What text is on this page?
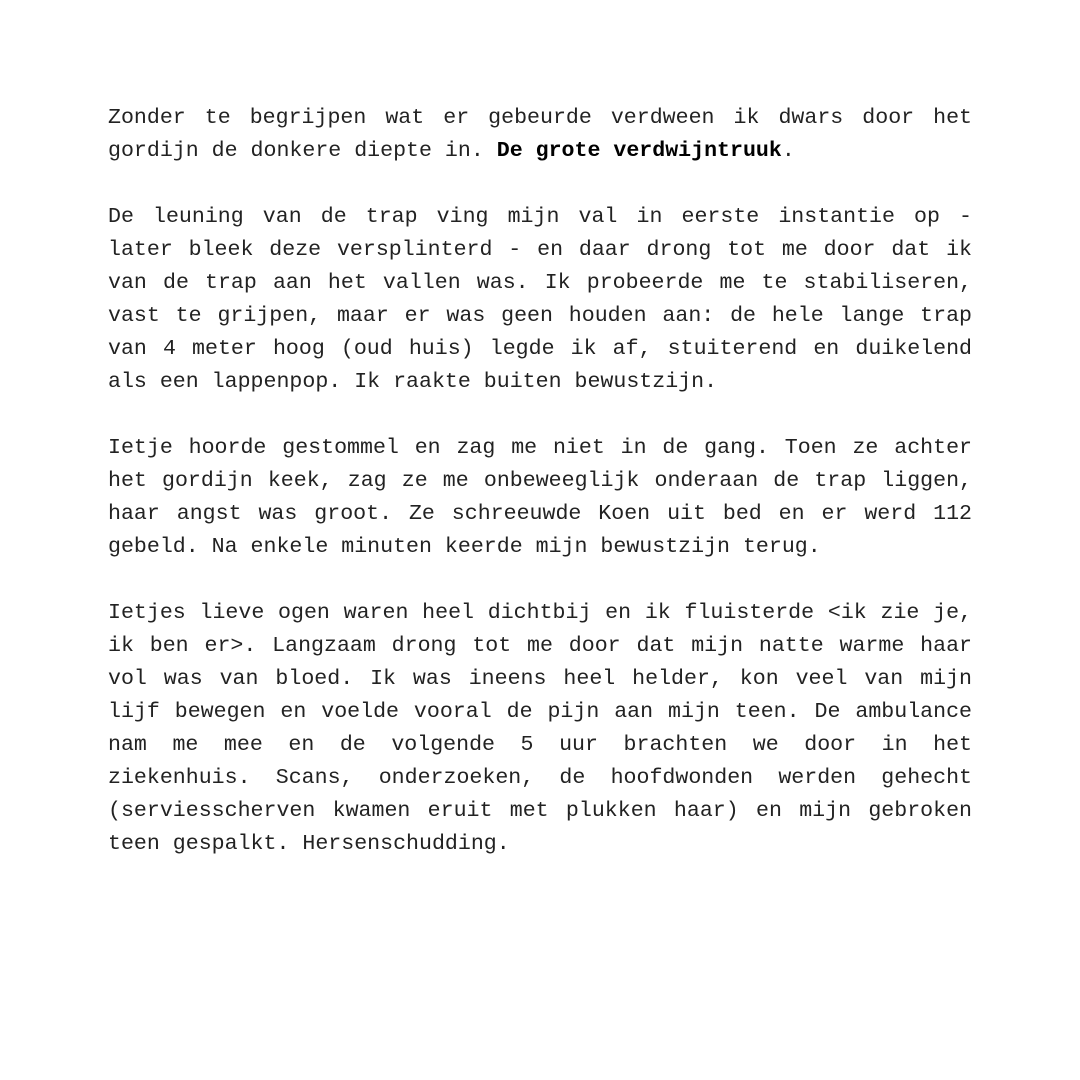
Zonder te begrijpen wat er gebeurde verdween ik dwars door het gordijn de donkere diepte in. De grote verdwijntruuk.

De leuning van de trap ving mijn val in eerste instantie op - later bleek deze versplinterd - en daar drong tot me door dat ik van de trap aan het vallen was. Ik probeerde me te stabiliseren, vast te grijpen, maar er was geen houden aan: de hele lange trap van 4 meter hoog (oud huis) legde ik af, stuiterend en duikelend als een lappenpop. Ik raakte buiten bewustzijn.

Ietje hoorde gestommel en zag me niet in de gang. Toen ze achter het gordijn keek, zag ze me onbeweeglijk onderaan de trap liggen, haar angst was groot. Ze schreeuwde Koen uit bed en er werd 112 gebeld. Na enkele minuten keerde mijn bewustzijn terug.

Ietjes lieve ogen waren heel dichtbij en ik fluisterde <ik zie je, ik ben er>. Langzaam drong tot me door dat mijn natte warme haar vol was van bloed. Ik was ineens heel helder, kon veel van mijn lijf bewegen en voelde vooral de pijn aan mijn teen. De ambulance nam me mee en de volgende 5 uur brachten we door in het ziekenhuis. Scans, onderzoeken, de hoofdwonden werden gehecht (serviesscherven kwamen eruit met plukken haar) en mijn gebroken teen gespalkt. Hersenschudding.
